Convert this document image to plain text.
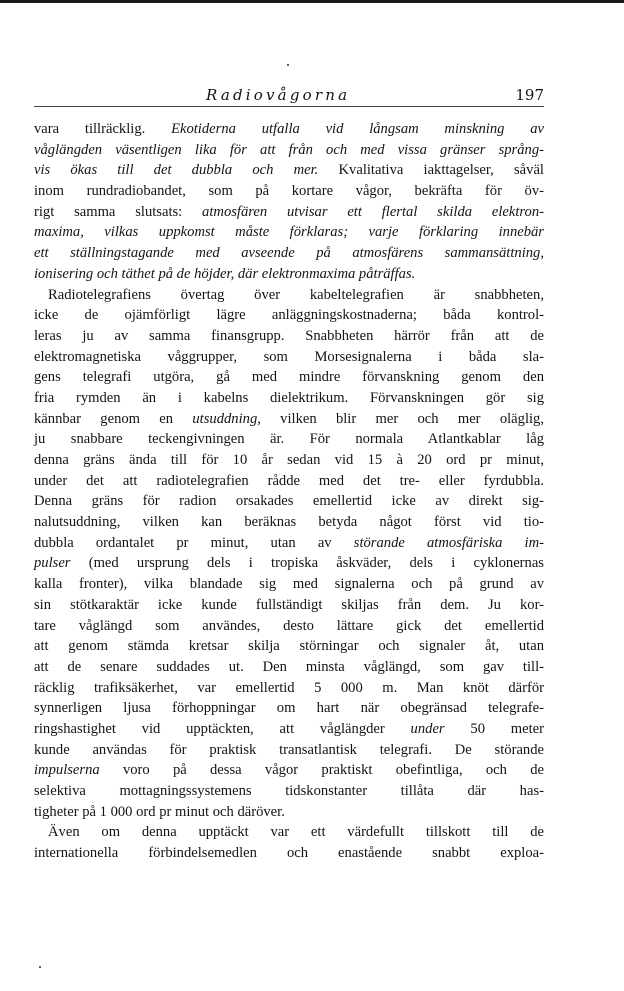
Radiovågorna	197
vara tillräcklig. Ekotiderna utfalla vid långsam minskning av
våglängden väsentligen lika för att från och med vissa gränser språng-
vis ökas till det dubbla och mer. Kvalitativa iakttagelser, såväl
inom rundradiobandet, som på kortare vågor, bekräfta för öv-
rigt samma slutsats: atmosfären utvisar ett flertal skilda elektron-
maxima, vilkas uppkomst måste förklaras; varje förklaring innebär
ett ställningstagande med avseende på atmosfärens sammansättning,
ionisering och täthet på de höjder, där elektronmaxima påträffas.
Radiotelegrafiens övertag över kabeltelegrafien är snabbheten,
icke de ojämförligt lägre anläggningskostnaderna; båda kontrol-
leras ju av samma finansgrupp. Snabbheten härrör från att de
elektromagnetiska våggrupper, som Morsesignalerna i båda sla-
gens telegrafi utgöra, gå med mindre förvanskning genom den
fria rymden än i kabelns dielektrikum. Förvanskningen gör sig
kännbar genom en utsuddning, vilken blir mer och mer oläglig,
ju snabbare teckengivningen är. För normala Atlantkablar låg
denna gräns ända till för 10 år sedan vid 15 à 20 ord pr minut,
under det att radiotelegrafien rådde med det tre- eller fyrdubbla.
Denna gräns för radion orsakades emellertid icke av direkt sig-
nalutsuddning, vilken kan beräknas betyda något först vid tio-
dubbla ordantalet pr minut, utan av störande atmosfäriska im-
pulser (med ursprung dels i tropiska åskväder, dels i cyklonernas
kalla fronter), vilka blandade sig med signalerna och på grund av
sin stötkaraktär icke kunde fullständigt skiljas från dem. Ju kor-
tare våglängd som användes, desto lättare gick det emellertid
att genom stämda kretsar skilja störningar och signaler åt, utan
att de senare suddades ut. Den minsta våglängd, som gav till-
räcklig trafiksäkerhet, var emellertid 5 000 m. Man knöt därför
synnerligen ljusa förhoppningar om hart när obegränsad telegrafe-
ringshastighet vid upptäckten, att våglängder under 50 meter
kunde användas för praktisk transatlantisk telegrafi. De störande
impulserna voro på dessa vågor praktiskt obefintliga, och de
selektiva mottagningssystemens tidskonstanter tillåta där has-
tigheter på 1 000 ord pr minut och däröver.
Även om denna upptäckt var ett värdefullt tillskott till de
internationella förbindelsemedlen och enastående snabbt exploa-
